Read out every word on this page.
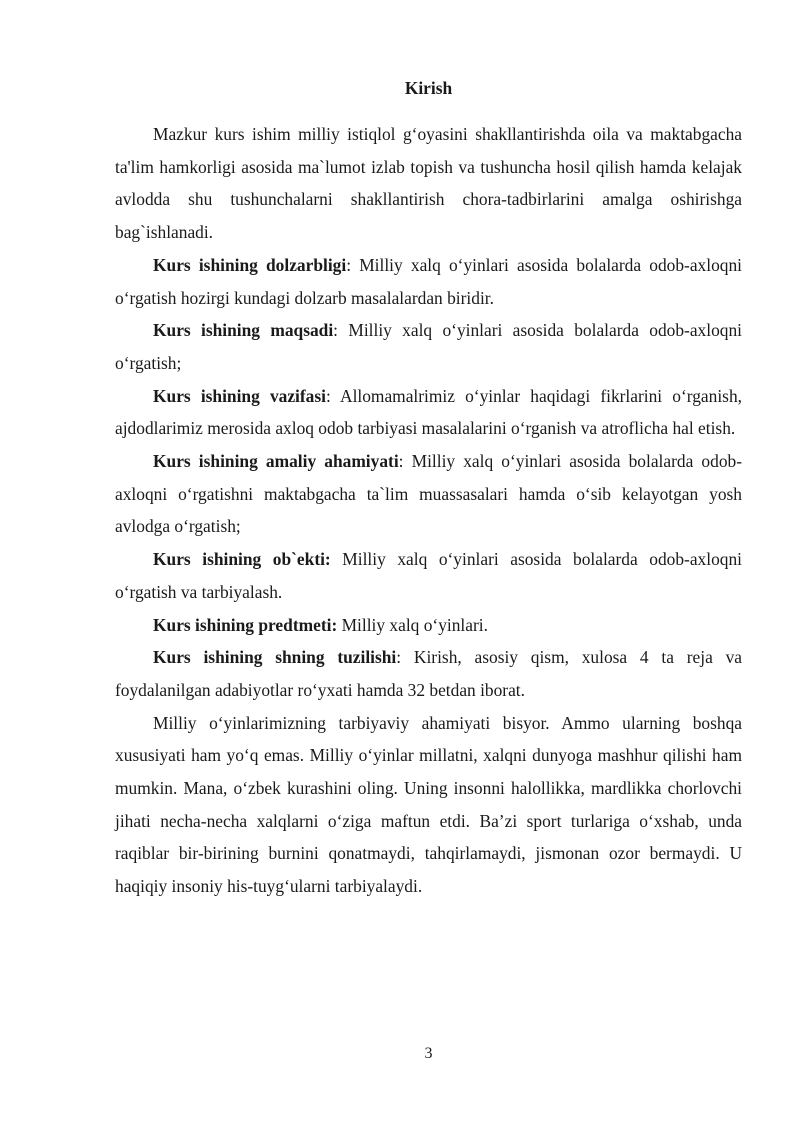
Kirish

Mazkur kurs ishim milliy istiqlol g‘oyasini shakllantirishda oila va maktabgacha ta'lim hamkorligi asosida ma`lumot izlab topish va tushuncha hosil qilish hamda kelajak avlodda shu tushunchalarni shakllantirish chora-tadbirlarini amalga oshirishga bag`ishlanadi.

Kurs ishining dolzarbligi: Milliy xalq o‘yinlari asosida bolalarda odob-axloqni o‘rgatish hozirgi kundagi dolzarb masalalardan biridir.

Kurs ishining maqsadi: Milliy xalq o‘yinlari asosida bolalarda odob-axloqni o‘rgatish;

Kurs ishining vazifasi: Allomamalrimiz o‘yinlar haqidagi fikrlarini o‘rganish, ajdodlarimiz merosida axloq odob tarbiyasi masalalarini o‘rganish va atroflicha hal etish.

Kurs ishining amaliy ahamiyati: Milliy xalq o‘yinlari asosida bolalarda odob-axloqni o‘rgatishni maktabgacha ta`lim muassasalari hamda o‘sib kelayotgan yosh avlodga o‘rgatish;

Kurs ishining ob`ekti: Milliy xalq o‘yinlari asosida bolalarda odob-axloqni o‘rgatish va tarbiyalash.

Kurs ishining predtmeti: Milliy xalq o‘yinlari.

Kurs ishining shning tuzilishi: Kirish, asosiy qism, xulosa 4 ta reja va foydalanilgan adabiyotlar ro‘yxati hamda 32 betdan iborat.

Milliy o‘yinlarimizning tarbiyaviy ahamiyati bisyor. Ammo ularning boshqa xususiyati ham yo‘q emas. Milliy o‘yinlar millatni, xalqni dunyoga mashhur qilishi ham mumkin. Mana, o‘zbek kurashini oling. Uning insonni halollikka, mardlikka chorlovchi jihati necha-necha xalqlarni o‘ziga maftun etdi. Ba’zi sport turlariga o‘xshab, unda raqiblar bir-birining burnini qonatmaydi, tahqirlamaydi, jismonan ozor bermaydi. U haqiqiy insoniy his-tuyg‘ularni tarbiyalaydi.

3
